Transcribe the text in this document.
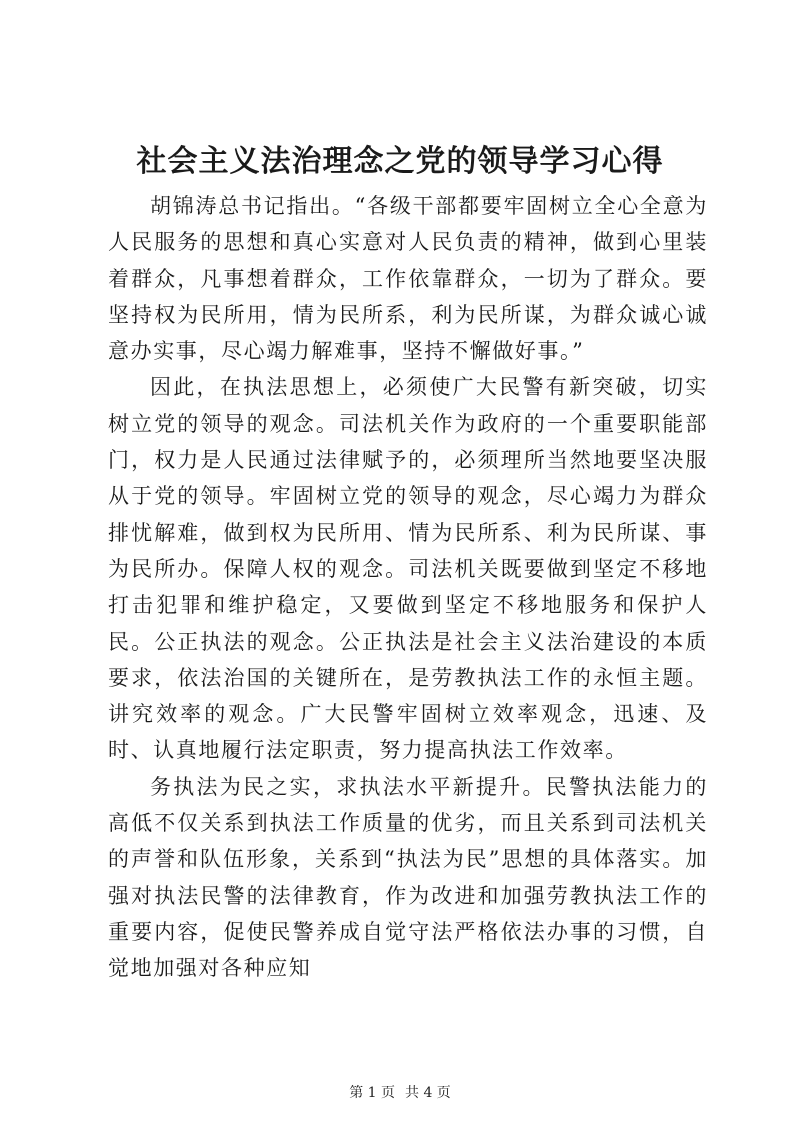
社会主义法治理念之党的领导学习心得

胡锦涛总书记指出。“各级干部都要牢固树立全心全意为人民服务的思想和真心实意对人民负责的精神，做到心里装着群众，凡事想着群众，工作依靠群众，一切为了群众。要坚持权为民所用，情为民所系，利为民所谋，为群众诚心诚意办实事，尽心竭力解难事，坚持不懈做好事。”

因此，在执法思想上，必须使广大民警有新突破，切实树立党的领导的观念。司法机关作为政府的一个重要职能部门，权力是人民通过法律赋予的，必须理所当然地要坚决服从于党的领导。牢固树立党的领导的观念，尽心竭力为群众排忧解难，做到权为民所用、情为民所系、利为民所谋、事为民所办。保障人权的观念。司法机关既要做到坚定不移地打击犯罪和维护稳定，又要做到坚定不移地服务和保护人民。公正执法的观念。公正执法是社会主义法治建设的本质要求，依法治国的关键所在，是劳教执法工作的永恒主题。讲究效率的观念。广大民警牢固树立效率观念，迅速、及时、认真地履行法定职责，努力提高执法工作效率。

务执法为民之实，求执法水平新提升。民警执法能力的高低不仅关系到执法工作质量的优劣，而且关系到司法机关的声誉和队伍形象，关系到“执法为民”思想的具体落实。加强对执法民警的法律教育，作为改进和加强劳教执法工作的重要内容，促使民警养成自觉守法严格依法办事的习惯，自觉地加强对各种应知

第 1 页 共 4 页
